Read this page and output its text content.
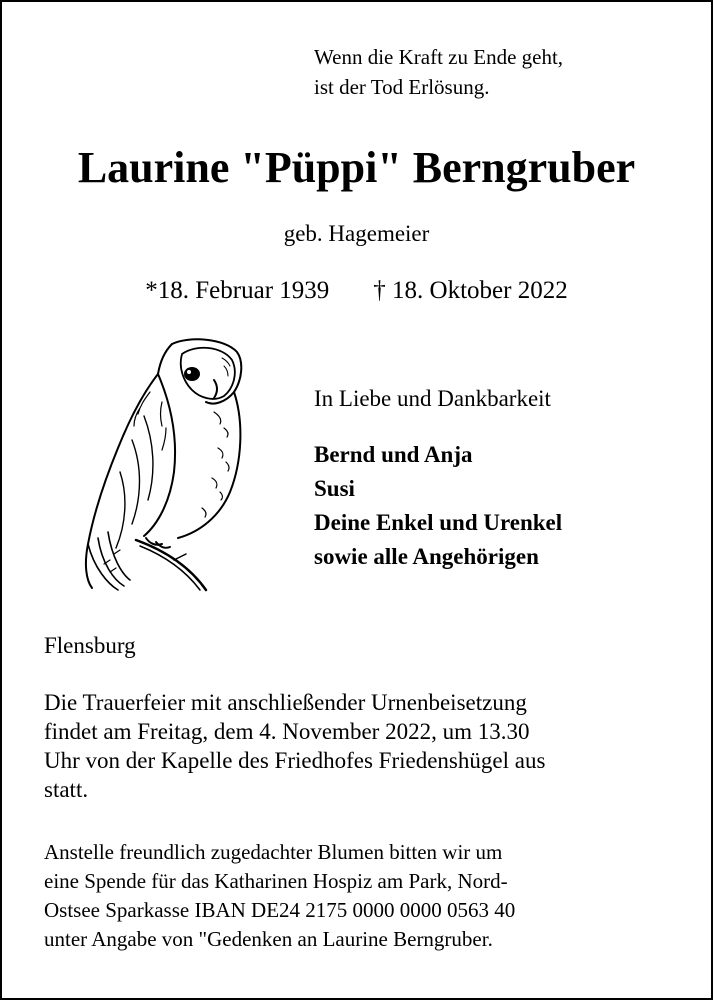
Wenn die Kraft zu Ende geht,
ist der Tod Erlösung.
Laurine "Püppi" Berngruber
geb. Hagemeier
*18. Februar 1939 † 18. Oktober 2022
In Liebe und Dankbarkeit
Bernd und Anja
Susi
Deine Enkel und Urenkel
sowie alle Angehörigen
Flensburg
Die Trauerfeier mit anschließender Urnenbeisetzung
findet am Freitag, dem 4. November 2022, um 13.30
Uhr von der Kapelle des Friedhofes Friedenshügel aus
statt.
Anstelle freundlich zugedachter Blumen bitten wir um
eine Spende für das Katharinen Hospiz am Park, Nord-
Ostsee Sparkasse IBAN DE24 2175 0000 0000 0563 40
unter Angabe von "Gedenken an Laurine Berngruber.
